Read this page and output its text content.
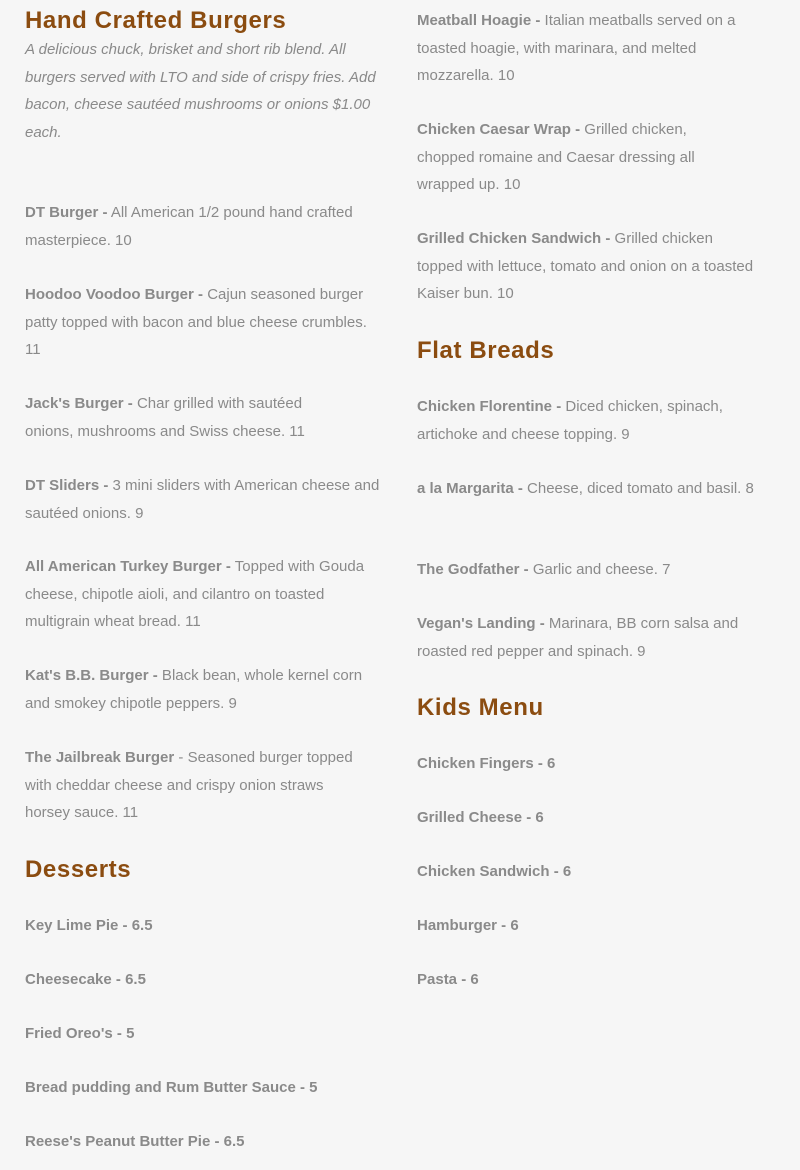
Hand Crafted Burgers

A delicious chuck, brisket and short rib blend. All burgers served with LTO and side of crispy fries. Add bacon, cheese sautéed mushrooms or onions $1.00 each.

DT Burger - All American 1/2 pound hand crafted masterpiece. 10

Hoodoo Voodoo Burger - Cajun seasoned burger patty topped with bacon and blue cheese crumbles. 11

Jack's Burger - Char grilled with sautéed onions, mushrooms and Swiss cheese. 11

DT Sliders - 3 mini sliders with American cheese and sautéed onions. 9

All American Turkey Burger - Topped with Gouda cheese, chipotle aioli, and cilantro on toasted multigrain wheat bread. 11

Kat's B.B. Burger - Black bean, whole kernel corn and smokey chipotle peppers. 9

The Jailbreak Burger - Seasoned burger topped with cheddar cheese and crispy onion straws horsey sauce. 11

Desserts

Key Lime Pie - 6.5

Cheesecake - 6.5

Fried Oreo's - 5

Bread pudding and Rum Butter Sauce - 5

Reese's Peanut Butter Pie - 6.5

Meatball Hoagie - Italian meatballs served on a toasted hoagie, with marinara, and melted mozzarella. 10

Chicken Caesar Wrap - Grilled chicken, chopped romaine and Caesar dressing all wrapped up. 10

Grilled Chicken Sandwich - Grilled chicken topped with lettuce, tomato and onion on a toasted Kaiser bun. 10

Flat Breads

Chicken Florentine - Diced chicken, spinach, artichoke and cheese topping. 9

a la Margarita - Cheese, diced tomato and basil. 8

The Godfather - Garlic and cheese. 7

Vegan's Landing - Marinara, BB corn salsa and roasted red pepper and spinach. 9

Kids Menu

Chicken Fingers - 6

Grilled Cheese - 6

Chicken Sandwich - 6

Hamburger - 6

Pasta - 6
